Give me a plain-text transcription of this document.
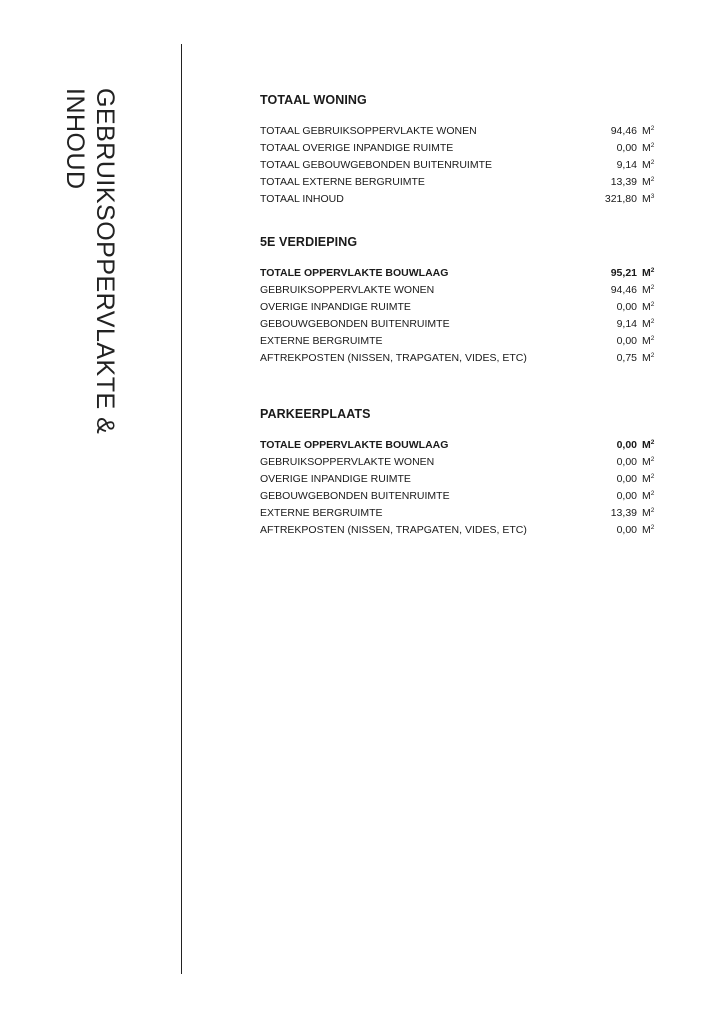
GEBRUIKSOPPERVLAKTE &
INHOUD	TOTAAL WONING
TOTAAL GEBRUIKSOPPERVLAKTE WONEN	94,46 $M^2$
TOTAAL OVERIGE INPANDIGE RUIMTE	0,00 $M^2$
TOTAAL GEBOUWGEBONDEN BUITENRUIMTE	9,14 $M^2$
TOTAAL EXTERNE BERGRUIMTE	13,39 $M^2$
TOTAAL INHOUD	321,80 $M^3$
5E VERDIEPING
TOTALE OPPERVLAKTE BOUWLAAG	95,21 $M^2$
GEBRUIKSOPPERVLAKTE WONEN	94,46 $M^2$
OVERIGE INPANDIGE RUIMTE	0,00 $M^2$
GEBOUWGEBONDEN BUITENRUIMTE	9,14 $M^2$
EXTERNE BERGRUIMTE	0,00 $M^2$
AFTREKPOSTEN (NISSEN, TRAPGATEN, VIDES, ETC)	0,75 $M^2$
PARKEERPLAATS
TOTALE OPPERVLAKTE BOUWLAAG	0,00 $M^2$
GEBRUIKSOPPERVLAKTE WONEN	0,00 $M^2$
OVERIGE INPANDIGE RUIMTE	0,00 $M^2$
GEBOUWGEBONDEN BUITENRUIMTE	0,00 $M^2$
EXTERNE BERGRUIMTE	13,39 $M^2$
AFTREKPOSTEN (NISSEN, TRAPGATEN, VIDES, ETC)	0,00 $M^2$
